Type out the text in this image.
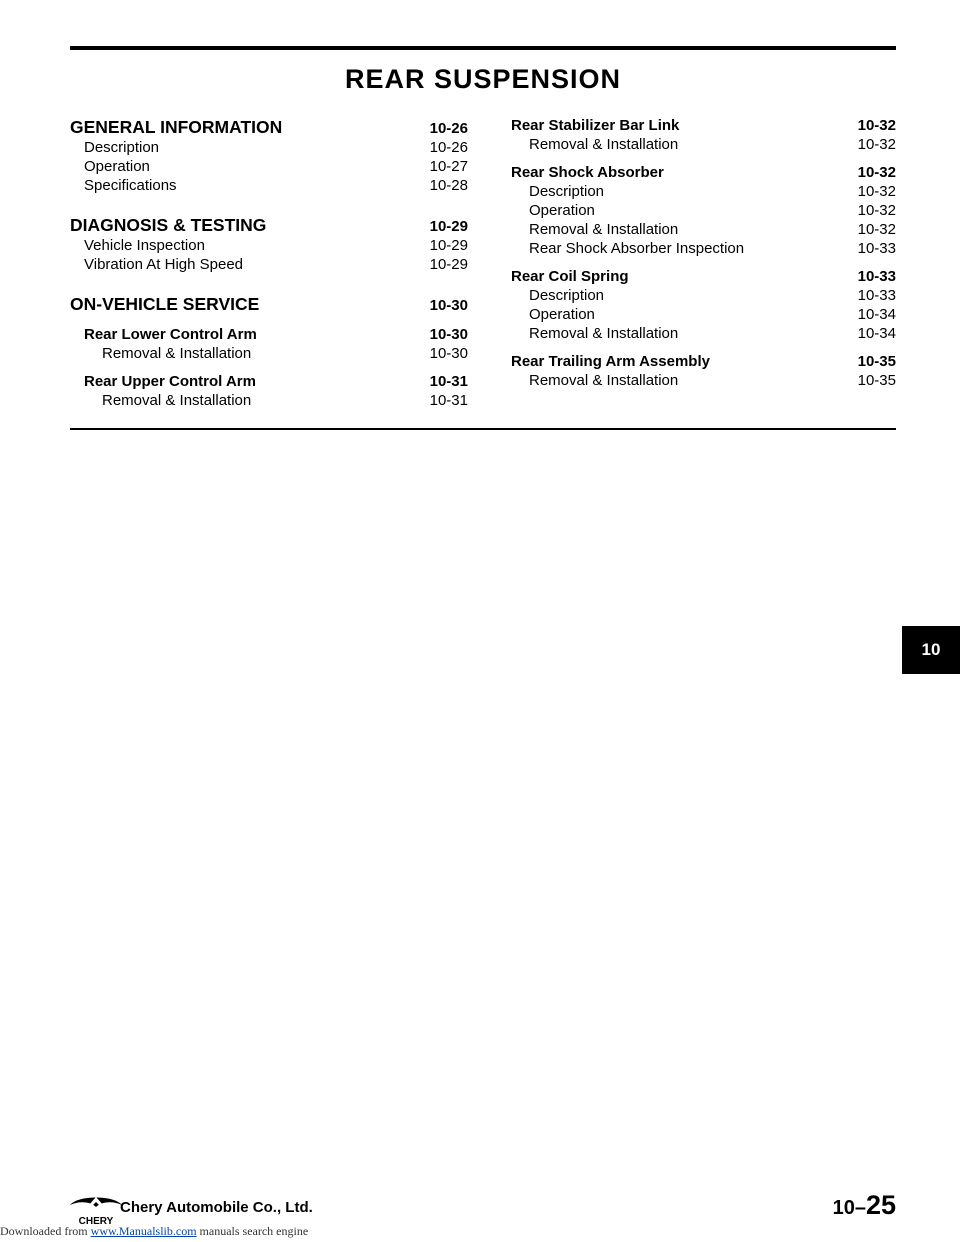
REAR SUSPENSION
GENERAL INFORMATION	10-26
Description	10-26
Operation	10-27
Specifications	10-28
DIAGNOSIS & TESTING	10-29
Vehicle Inspection	10-29
Vibration At High Speed	10-29
ON-VEHICLE SERVICE	10-30
Rear Lower Control Arm	10-30
Removal & Installation	10-30
Rear Upper Control Arm	10-31
Removal & Installation	10-31
Rear Stabilizer Bar Link	10-32
Removal & Installation	10-32
Rear Shock Absorber	10-32
Description	10-32
Operation	10-32
Removal & Installation	10-32
Rear Shock Absorber Inspection	10-33
Rear Coil Spring	10-33
Description	10-33
Operation	10-34
Removal & Installation	10-34
Rear Trailing Arm Assembly	10-35
Removal & Installation	10-35
10
CHERY
Chery Automobile Co., Ltd.	10–25
Downloaded from www.Manualslib.com manuals search engine
